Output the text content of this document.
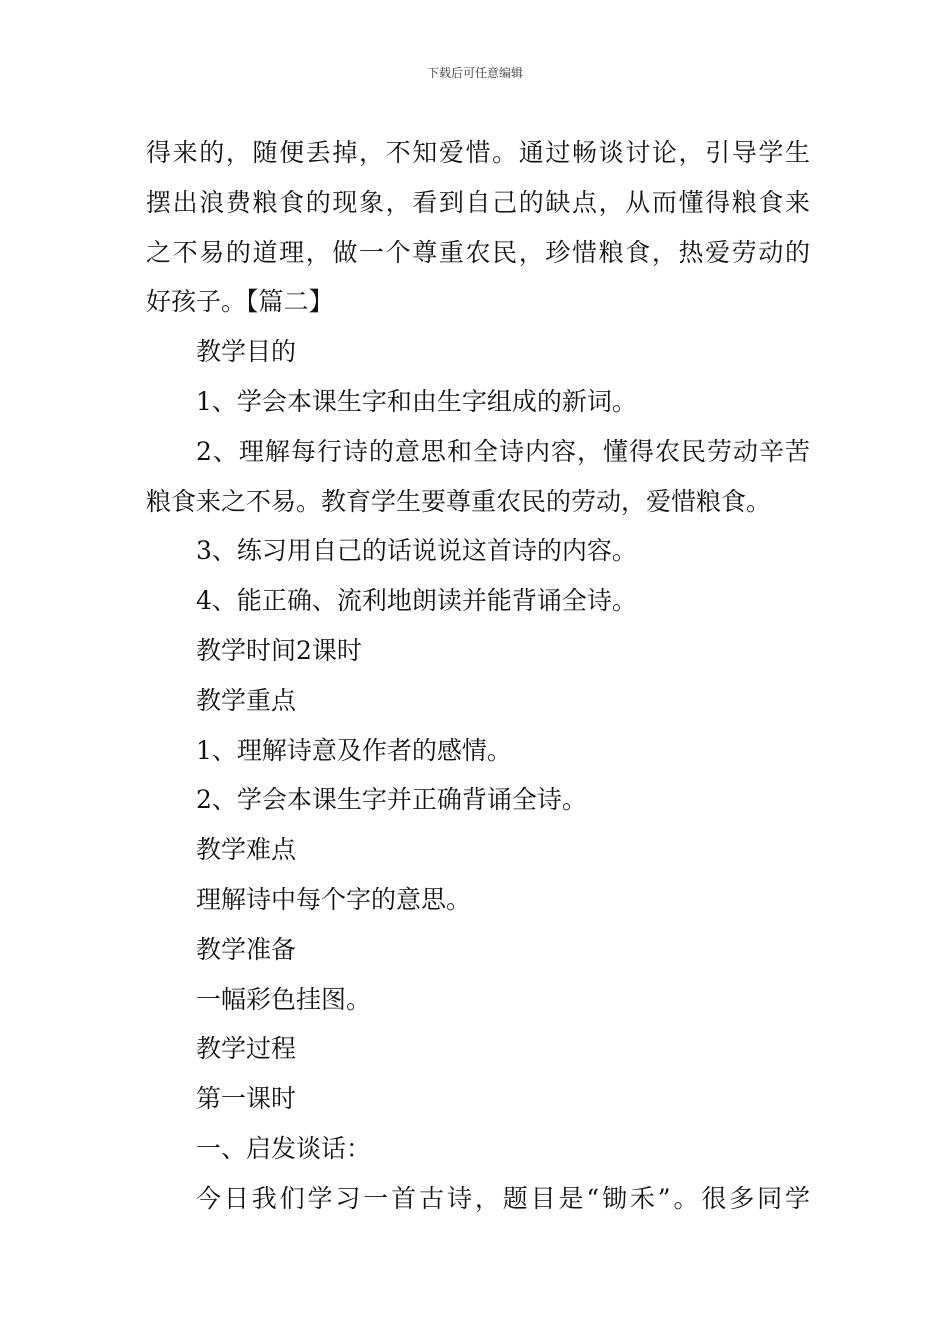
下载后可任意编辑
得来的，随便丢掉，不知爱惜。通过畅谈讨论，引导学生
摆出浪费粮食的现象，看到自己的缺点，从而懂得粮食来
之不易的道理，做一个尊重农民，珍惜粮食，热爱劳动的
好孩子。【篇二】
教学目的
1、学会本课生字和由生字组成的新词。
2、理解每行诗的意思和全诗内容，懂得农民劳动辛苦
粮食来之不易。教育学生要尊重农民的劳动，爱惜粮食。
3、练习用自己的话说说这首诗的内容。
4、能正确、流利地朗读并能背诵全诗。
教学时间2课时
教学重点
1、理解诗意及作者的感情。
2、学会本课生字并正确背诵全诗。
教学难点
理解诗中每个字的意思。
教学准备
一幅彩色挂图。
教学过程
第一课时
一、启发谈话：
今日我们学习一首古诗，题目是“锄禾”。很多同学
